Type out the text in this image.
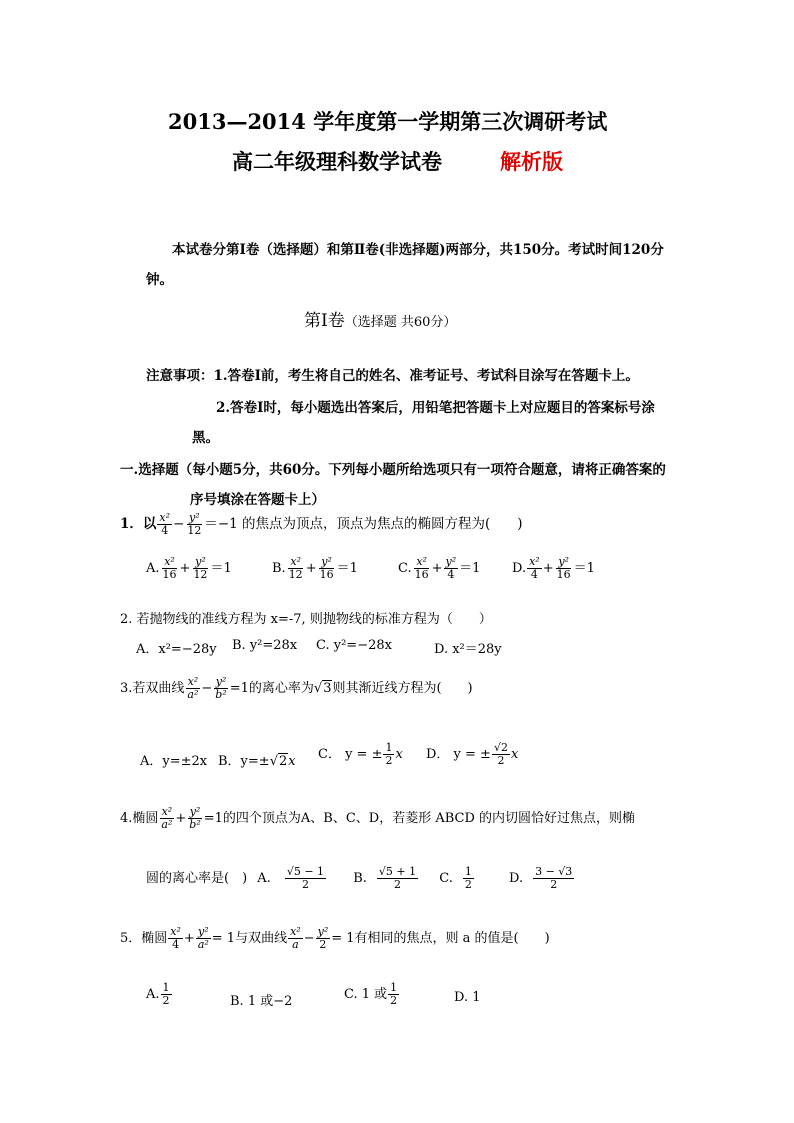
2013—2014 学年度第一学期第三次调研考试
高二年级理科数学试卷	解析版
本试卷分第Ⅰ卷（选择题）和第Ⅱ卷(非选择题)两部分，共150分。考试时间120分
钟。
第Ⅰ卷（选择题 共60分）
注意事项：1.答卷Ⅰ前，考生将自己的姓名、准考证号、考试科目涂写在答题卡上。
2.答卷Ⅰ时，每小题选出答案后，用铅笔把答题卡上对应题目的答案标号涂
黑。
一.选择题（每小题5分，共60分。下列每小题所给选项只有一项符合题意，请将正确答案的
序号填涂在答题卡上）
1．以 $\frac{\text{x²}}{4} - \frac{\text{y²}}{12} =-1$ 的焦点为顶点，顶点为焦点的椭圆方程为(　　)
A. $\frac{\text{x²}}{16} + \frac{\text{y²}}{12} =1$	B. $\frac{\text{x²}}{12} + \frac{\text{y²}}{16} =1$	C. $\frac{\text{x²}}{16} + \frac{\text{y²}}{4} =1$ D. $\frac{\text{x²}}{4} + \frac{\text{y²}}{16} =1$
2. 若抛物线的准线方程为 x=-7, 则抛物线的标准方程为（　　）
A．x²=−28y B. y²=28x C. y²=−28x	D. x²＝28y
3.若双曲线 $\frac{\text{x²}}{\text{a²}} - \frac{\text{y²}}{\text{b²}} =1$的离心率为√3则其渐近线方程为(　　)
A．y=±2x B．y=±√2x C． y = ± $\frac{1}{2}$ x D． y = ± $\frac{√2}{2}$ x
4.椭圆 $\frac{\text{x²}}{\text{a²}} + \frac{\text{y²}}{\text{b²}} =1$的四个顶点为A、B、C、D，若菱形 ABCD 的内切圆恰好过焦点，则椭
圆的离心率是(　) A. $\frac{√5 - 1}{2} B$. $\frac{√5 + 1}{2} C$. $\frac{1}{2}$	D. $\frac{3 - √3}{2}$
5．椭圆 $\frac{\text{x²}}{4} + \frac{\text{y²}}{\text{a²}} = 1$与双曲线 $\frac{\text{x²}}{a} - \frac{\text{y²}}{2} = 1$有相同的焦点，则 a 的值是(　　)
A. $\frac{1}{2}$	B. 1 或−2	C. 1 或 $\frac{1}{2}$	D. 1
